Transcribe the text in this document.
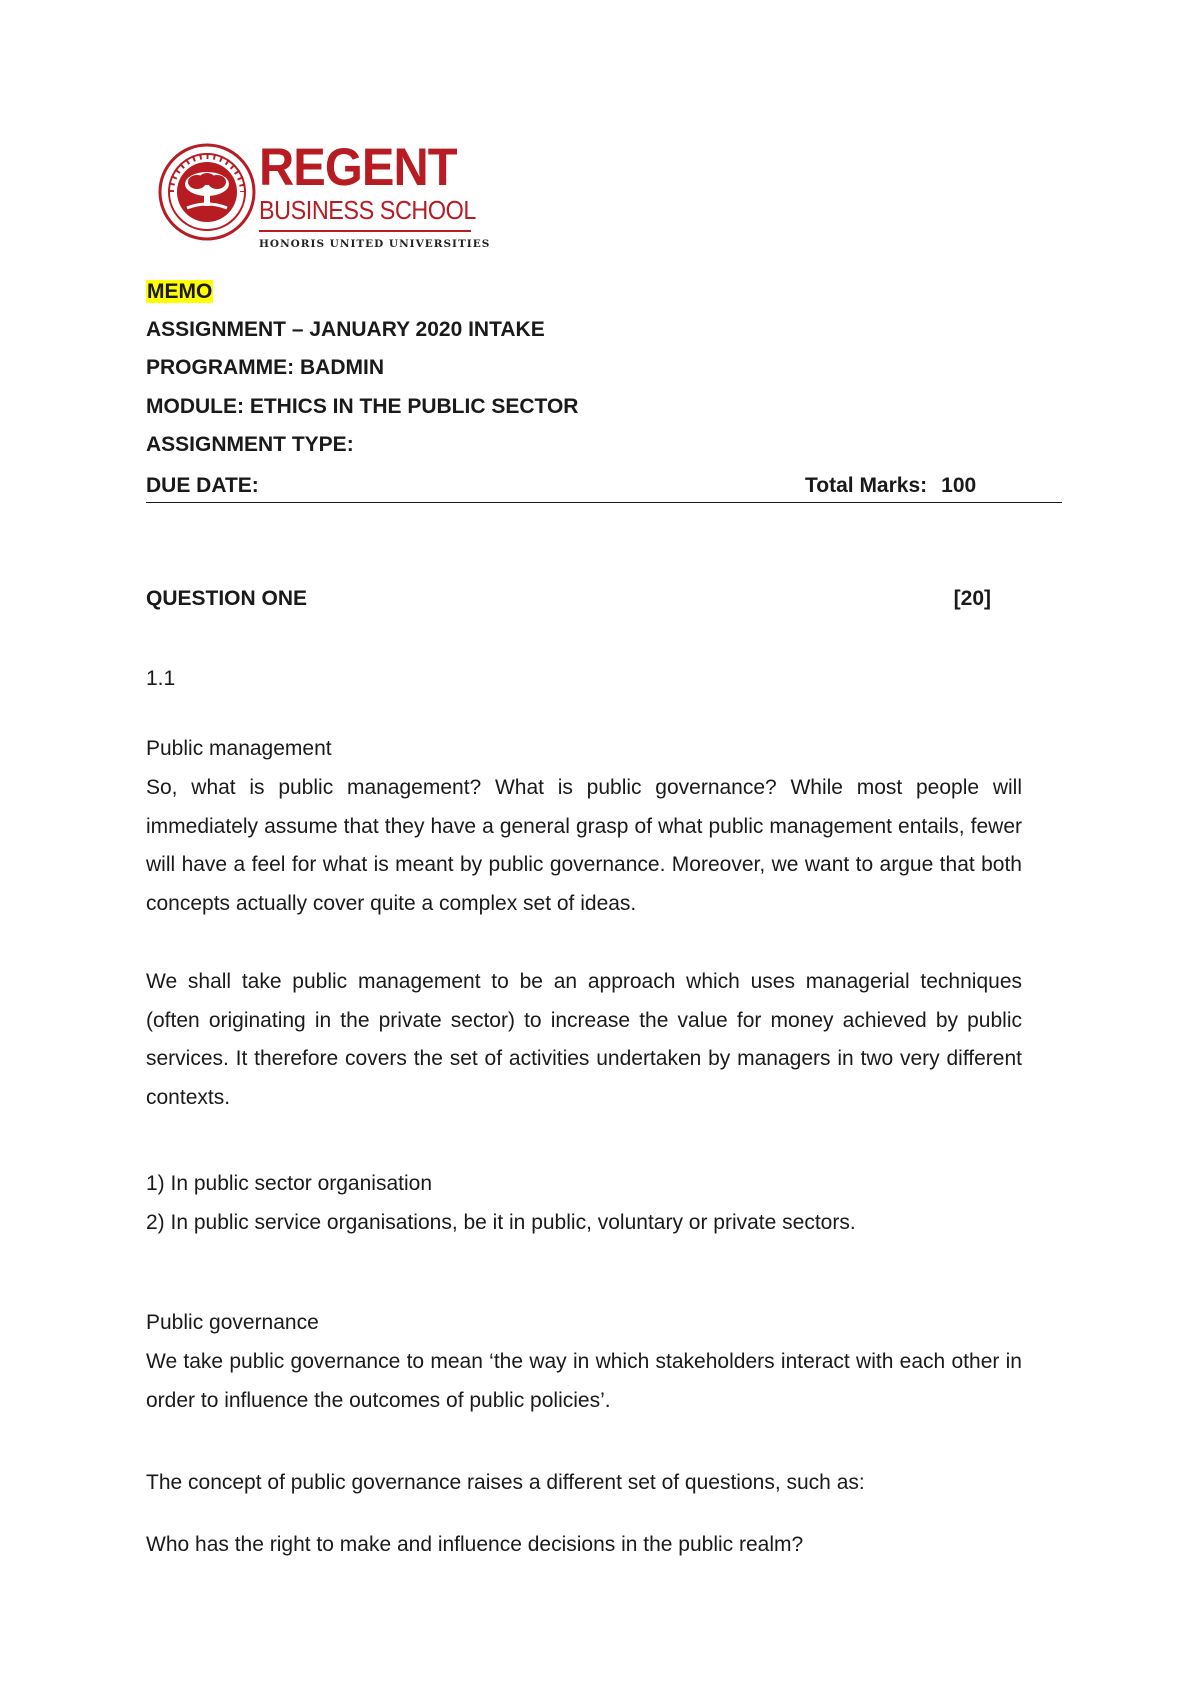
REGENT
BUSINESS SCHOOL
HONORIS UNITED UNIVERSITIES
MEMO
ASSIGNMENT – JANUARY 2020 INTAKE
PROGRAMME: BADMIN
MODULE: ETHICS IN THE PUBLIC SECTOR
ASSIGNMENT TYPE:
DUE DATE:	Total Marks: 100
QUESTION ONE	[20]
1.1
Public management
So, what is public management? What is public governance? While most people will immediately assume that they have a general grasp of what public management entails, fewer will have a feel for what is meant by public governance. Moreover, we want to argue that both concepts actually cover quite a complex set of ideas.
We shall take public management to be an approach which uses managerial techniques (often originating in the private sector) to increase the value for money achieved by public services. It therefore covers the set of activities undertaken by managers in two very different contexts.
1) In public sector organisation
2) In public service organisations, be it in public, voluntary or private sectors.
Public governance
We take public governance to mean ‘the way in which stakeholders interact with each other in order to influence the outcomes of public policies’.
The concept of public governance raises a different set of questions, such as:
Who has the right to make and influence decisions in the public realm?
